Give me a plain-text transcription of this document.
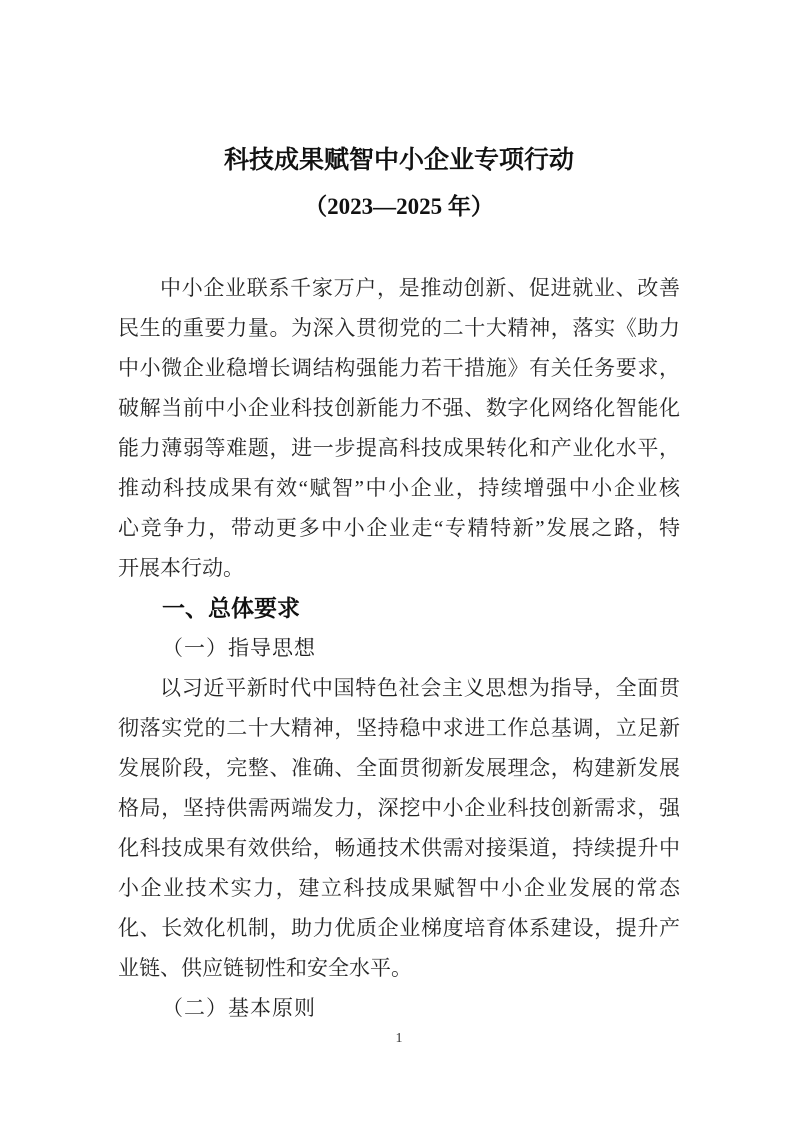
科技成果赋智中小企业专项行动
（2023—2025 年）
中小企业联系千家万户，是推动创新、促进就业、改善
民生的重要力量。为深入贯彻党的二十大精神，落实《助力
中小微企业稳增长调结构强能力若干措施》有关任务要求，
破解当前中小企业科技创新能力不强、数字化网络化智能化
能力薄弱等难题，进一步提高科技成果转化和产业化水平，
推动科技成果有效“赋智”中小企业，持续增强中小企业核
心竞争力，带动更多中小企业走“专精特新”发展之路，特
开展本行动。
一、总体要求
（一）指导思想
以习近平新时代中国特色社会主义思想为指导，全面贯
彻落实党的二十大精神，坚持稳中求进工作总基调，立足新
发展阶段，完整、准确、全面贯彻新发展理念，构建新发展
格局，坚持供需两端发力，深挖中小企业科技创新需求，强
化科技成果有效供给，畅通技术供需对接渠道，持续提升中
小企业技术实力，建立科技成果赋智中小企业发展的常态
化、长效化机制，助力优质企业梯度培育体系建设，提升产
业链、供应链韧性和安全水平。
（二）基本原则
1
